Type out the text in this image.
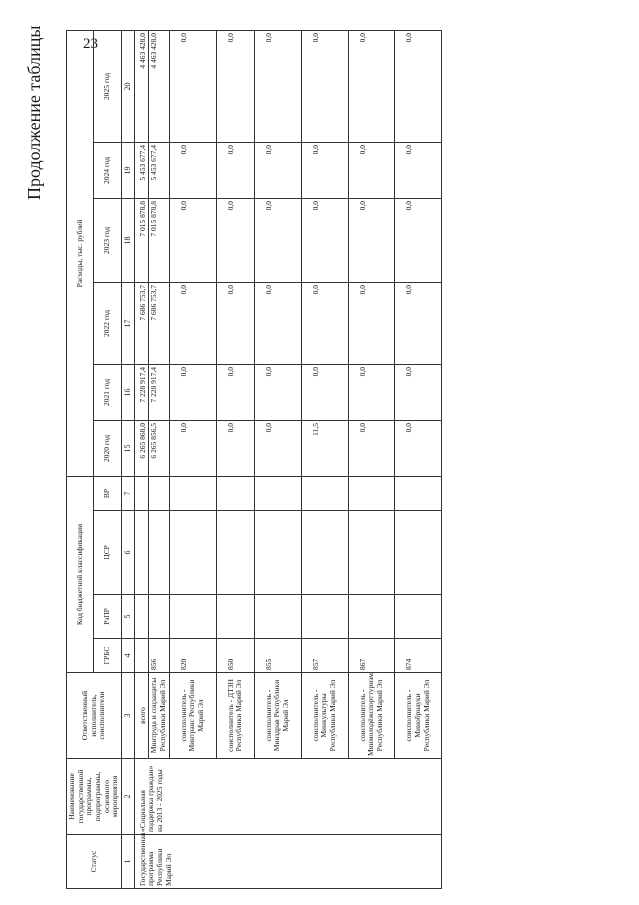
23
Продолжение таблицы
Статус	Наименование государственной программы, подпрограммы, основного мероприятия	Ответственный исполнитель, соисполнители	Код бюджетной классификации				Расходы, тыс. рублей					
			ГРБС	РзПР	ЦСР	ВР	2020 год	2021 год	2022 год	2023 год	2024 год	2025 год
1	2	3	4	5	6	7	15	16	17	18	19	20
Государственная программа Республики Марий Эл	«Социальная поддержка граждан» на 2013 - 2025 годы	всего					6 265 868,0	7 228 917,4	7 686 753,7	7 015 878,8	5 453 677,4	4 463 428,0
		Минтруда и соцзащиты Республики Марий Эл	856				6 265 856,5	7 228 917,4	7 686 753,7	7 015 878,8	5 453 677,4	4 463 428,0
		соисполнитель - Минтранс Республики Марий Эл	820				0,0	0,0	0,0	0,0	0,0	0,0
		соисполнитель - ДТЗН Республики Марий Эл	850				0,0	0,0	0,0	0,0	0,0	0,0
		соисполнитель - Минздрав Республики Марий Эл	855				0,0	0,0	0,0	0,0	0,0	0,0
		соисполнитель - Минкультуры Республики Марий Эл	857				11,5	0,0	0,0	0,0	0,0	0,0
		соисполнитель - Минмолодёжспорттуризм Республики Марий Эл	867				0,0	0,0	0,0	0,0	0,0	0,0
		соисполнитель - Минобрнауки Республики Марий Эл	874				0,0	0,0	0,0	0,0	0,0	0,0
